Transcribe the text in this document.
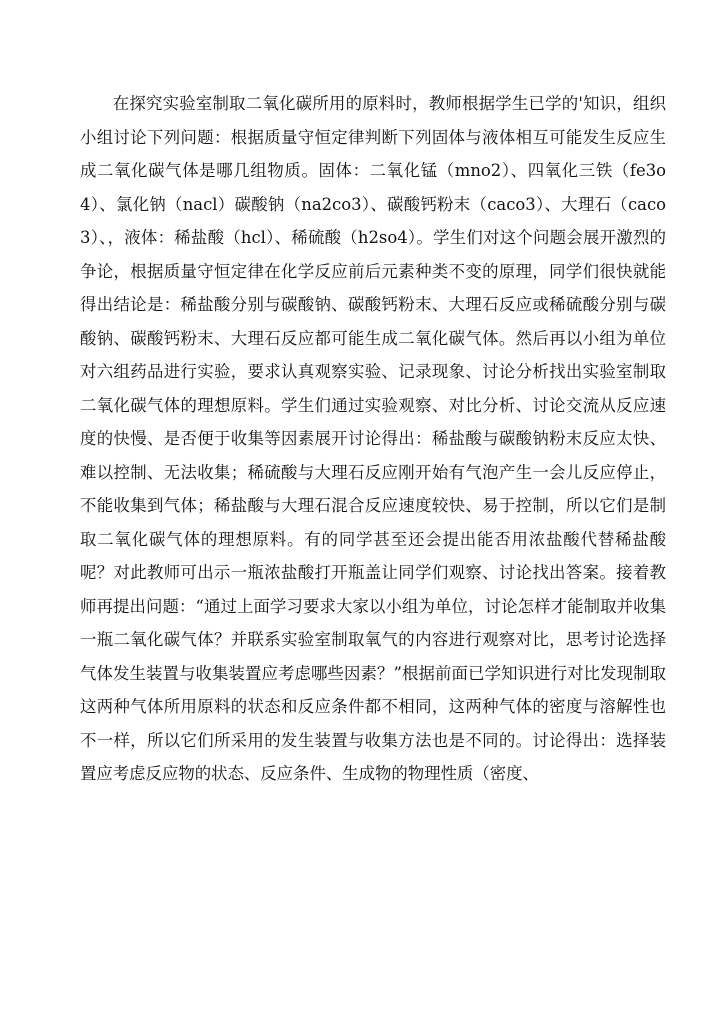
在探究实验室制取二氧化碳所用的原料时，教师根据学生已学的'知识，组织小组讨论下列问题：根据质量守恒定律判断下列固体与液体相互可能发生反应生成二氧化碳气体是哪几组物质。固体：二氧化锰（mno2）、四氧化三铁（fe3o4）、氯化钠（nacl）碳酸钠（na2co3）、碳酸钙粉末（caco3）、大理石（caco3）、，液体：稀盐酸（hcl）、稀硫酸（h2so4）。学生们对这个问题会展开激烈的争论，根据质量守恒定律在化学反应前后元素种类不变的原理，同学们很快就能得出结论是：稀盐酸分别与碳酸钠、碳酸钙粉末、大理石反应或稀硫酸分别与碳酸钠、碳酸钙粉末、大理石反应都可能生成二氧化碳气体。然后再以小组为单位对六组药品进行实验，要求认真观察实验、记录现象、讨论分析找出实验室制取二氧化碳气体的理想原料。学生们通过实验观察、对比分析、讨论交流从反应速度的快慢、是否便于收集等因素展开讨论得出：稀盐酸与碳酸钠粉末反应太快、难以控制、无法收集；稀硫酸与大理石反应刚开始有气泡产生一会儿反应停止，不能收集到气体；稀盐酸与大理石混合反应速度较快、易于控制，所以它们是制取二氧化碳气体的理想原料。有的同学甚至还会提出能否用浓盐酸代替稀盐酸呢？对此教师可出示一瓶浓盐酸打开瓶盖让同学们观察、讨论找出答案。接着教师再提出问题：“通过上面学习要求大家以小组为单位，讨论怎样才能制取并收集一瓶二氧化碳气体？并联系实验室制取氧气的内容进行观察对比，思考讨论选择气体发生装置与收集装置应考虑哪些因素？”根据前面已学知识进行对比发现制取这两种气体所用原料的状态和反应条件都不相同，这两种气体的密度与溶解性也不一样，所以它们所采用的发生装置与收集方法也是不同的。讨论得出：选择装置应考虑反应物的状态、反应条件、生成物的物理性质（密度、
